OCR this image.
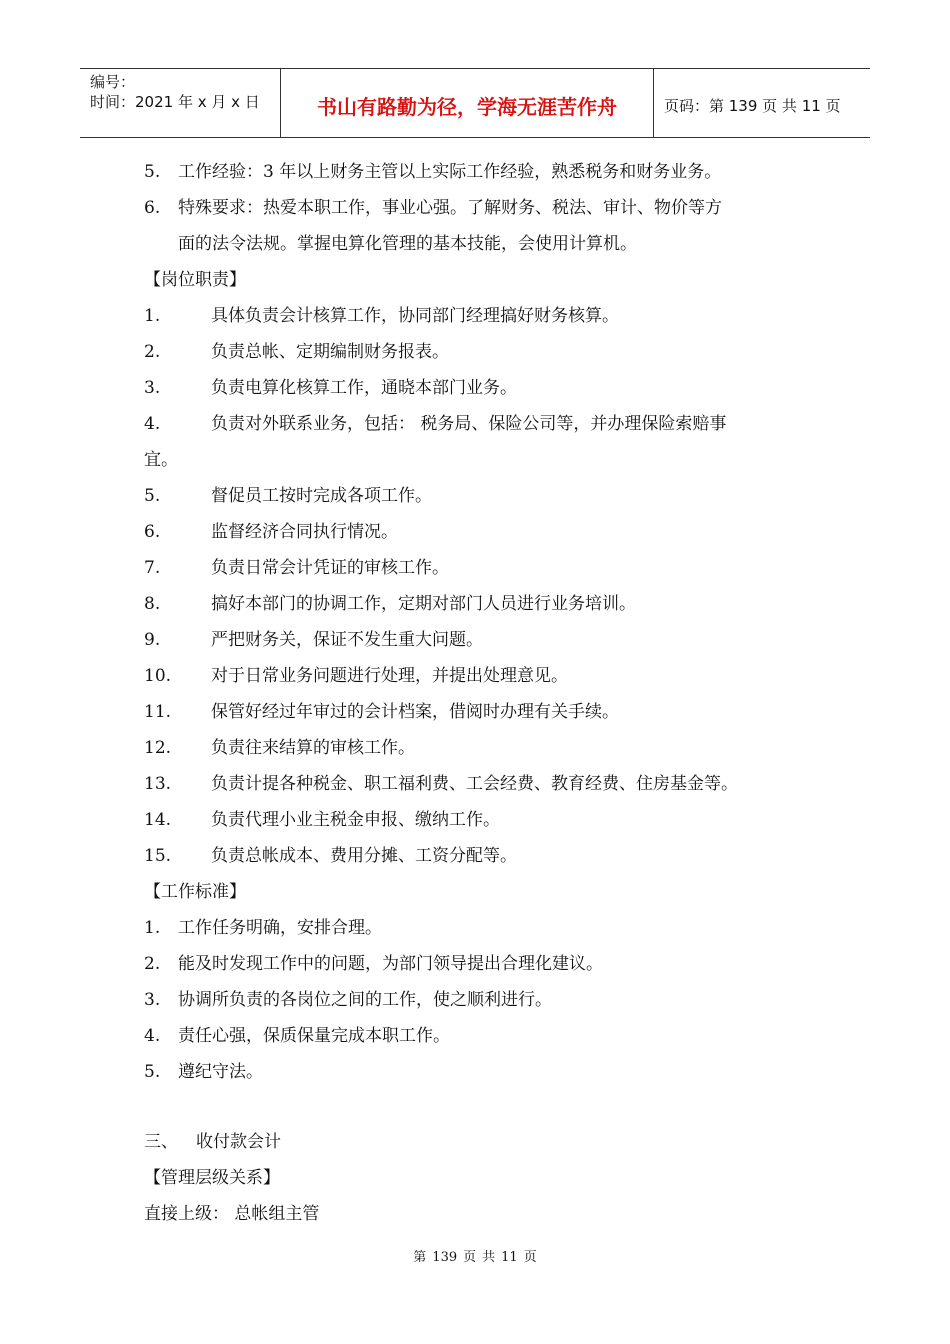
编号：
时间：2021 年 x 月 x 日	书山有路勤为径，学海无涯苦作舟	页码：第 139 页 共 11 页
5. 工作经验：3 年以上财务主管以上实际工作经验，熟悉税务和财务业务。
6. 特殊要求：热爱本职工作，事业心强。了解财务、税法、审计、物价等方
面的法令法规。掌握电算化管理的基本技能，会使用计算机。
【岗位职责】
1.	具体负责会计核算工作，协同部门经理搞好财务核算。
2.	负责总帐、定期编制财务报表。
3.	负责电算化核算工作，通晓本部门业务。
4.	负责对外联系业务，包括： 税务局、保险公司等，并办理保险索赔事
宜。
5.	督促员工按时完成各项工作。
6.	监督经济合同执行情况。
7.	负责日常会计凭证的审核工作。
8.	搞好本部门的协调工作，定期对部门人员进行业务培训。
9.	严把财务关，保证不发生重大问题。
10. 对于日常业务问题进行处理，并提出处理意见。
11. 保管好经过年审过的会计档案，借阅时办理有关手续。
12. 负责往来结算的审核工作。
13. 负责计提各种税金、职工福利费、工会经费、教育经费、住房基金等。
14. 负责代理小业主税金申报、缴纳工作。
15. 负责总帐成本、费用分摊、工资分配等。
【工作标准】
1. 工作任务明确，安排合理。
2. 能及时发现工作中的问题，为部门领导提出合理化建议。
3. 协调所负责的各岗位之间的工作，使之顺利进行。
4. 责任心强，保质保量完成本职工作。
5. 遵纪守法。
三、 收付款会计
【管理层级关系】
直接上级： 总帐组主管
第 139 页 共 11 页
